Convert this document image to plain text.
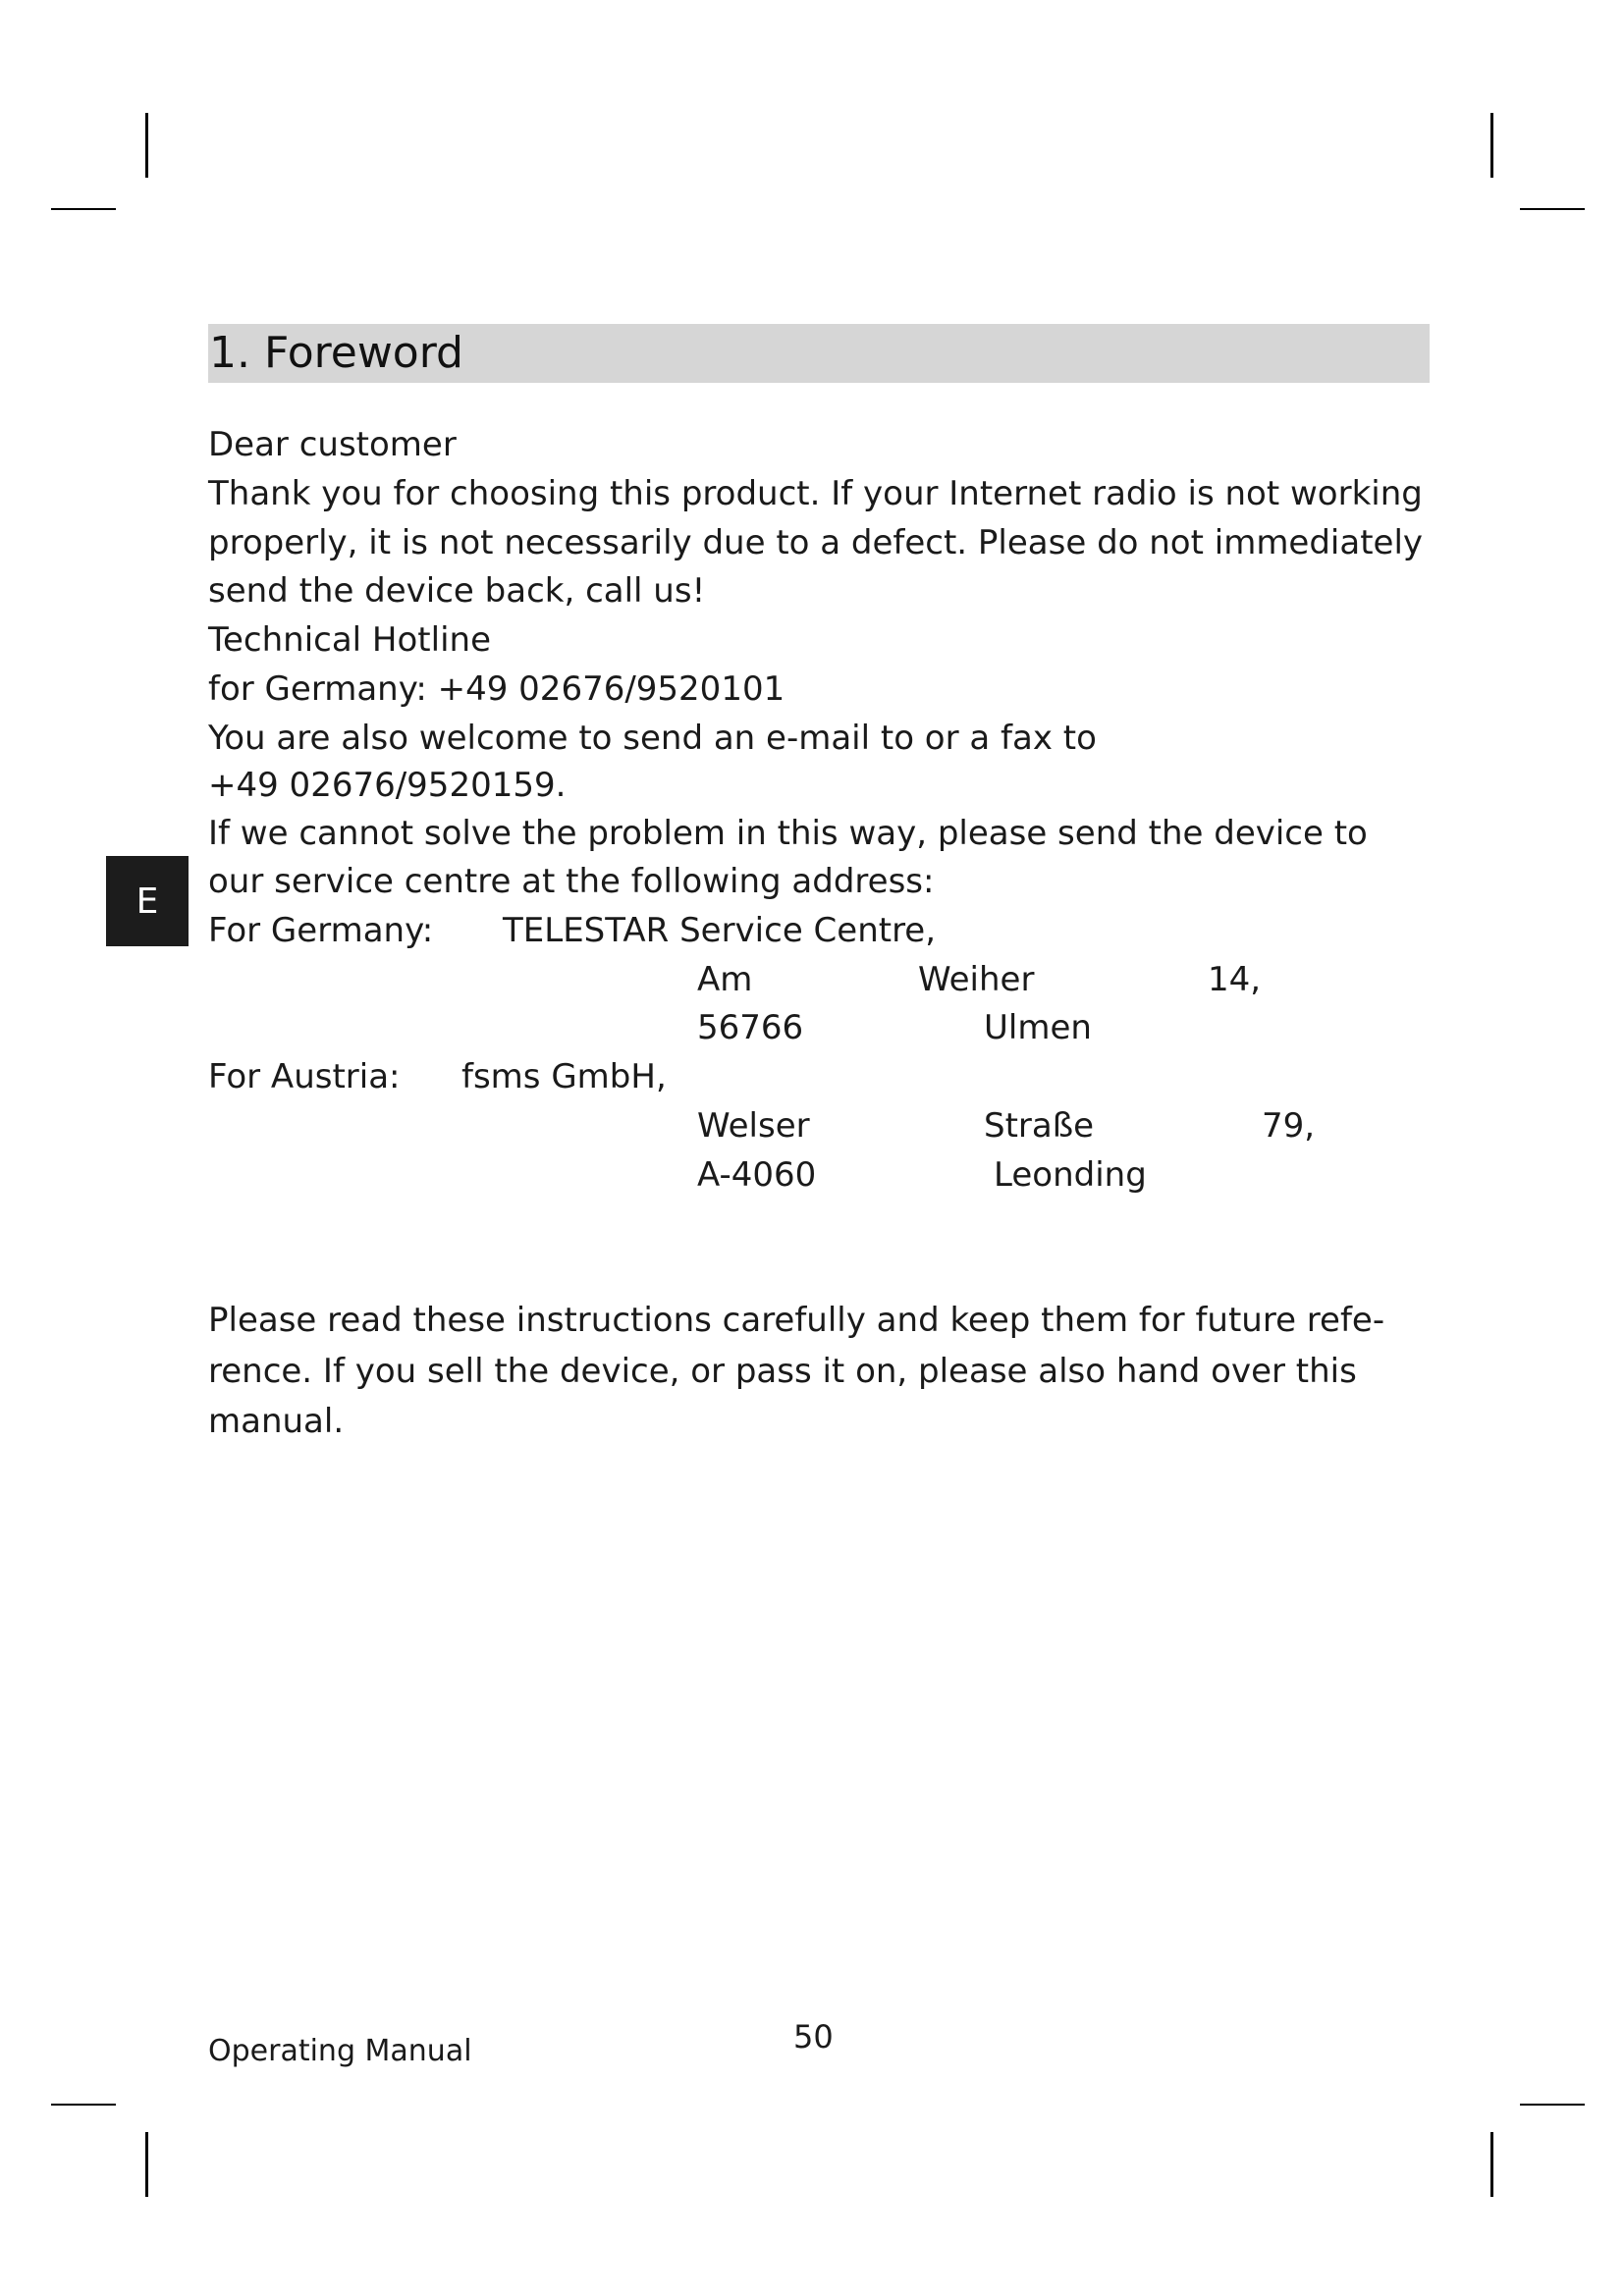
1. Foreword
E
Dear customer
Thank you for choosing this product. If your Internet radio is not working
properly, it is not necessarily due to a defect. Please do not immediately
send the device back, call us!
Technical Hotline
for Germany: +49 02676/9520101
You are also welcome to send an e-mail to or a fax to
+49 02676/9520159.
If we cannot solve the problem in this way, please send the device to
our service centre at the following address:
For Germany: TELESTAR Service Centre,
Am	Weiher	14,
56766	Ulmen
For Austria: fsms GmbH,
Welser	Straße	79,
A-4060	Leonding
Please read these instructions carefully and keep them for future refe-
rence. If you sell the device, or pass it on, please also hand over this
manual.
Operating Manual	50
